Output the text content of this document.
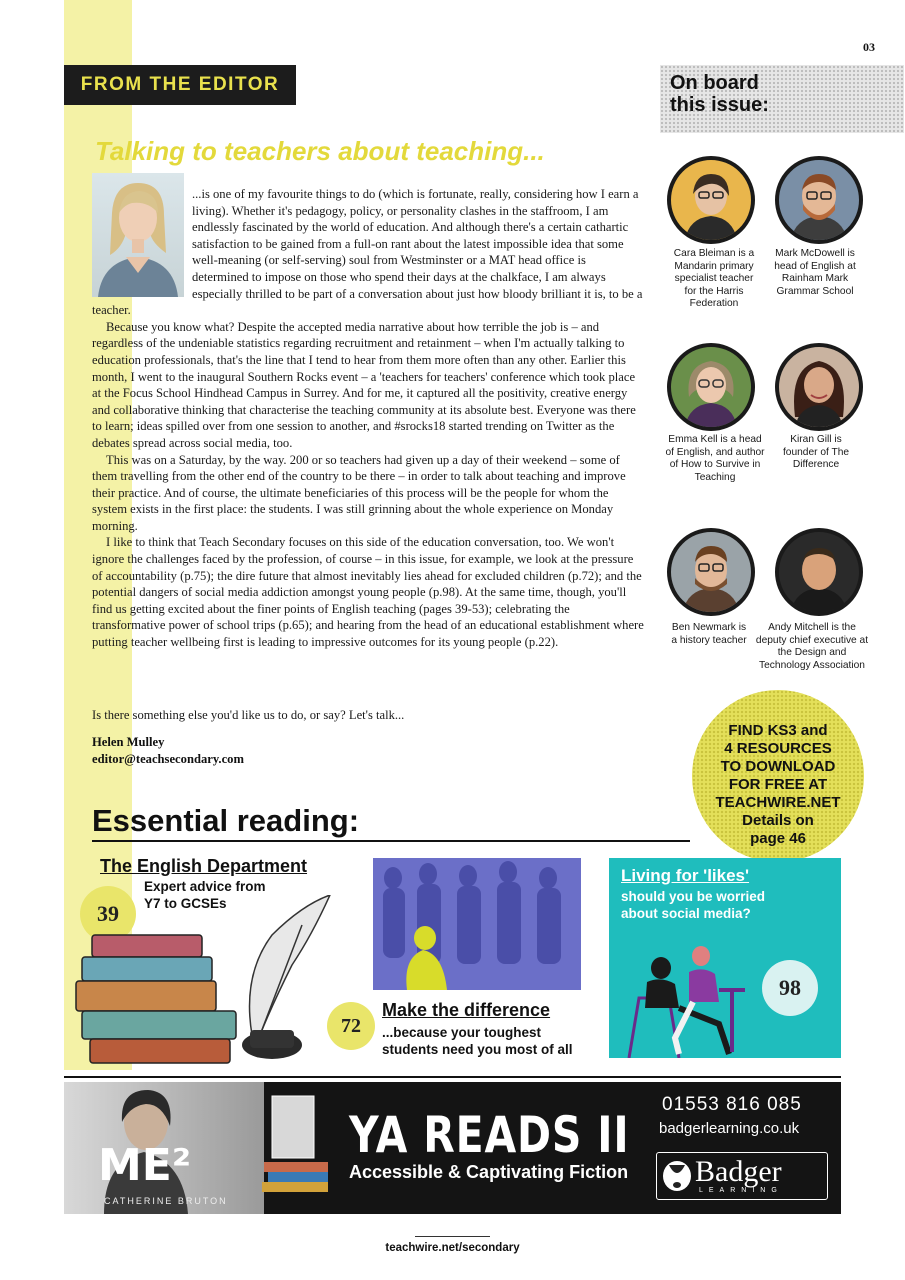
03
FROM THE EDITOR
Talking to teachers about teaching...

...is one of my favourite things to do (which is fortunate, really, considering how I earn a living). Whether it's pedagogy, policy, or personality clashes in the staffroom, I am endlessly fascinated by the world of education. And although there's a certain cathartic satisfaction to be gained from a full-on rant about the latest impossible idea that some well-meaning (or self-serving) soul from Westminster or a MAT head office is determined to impose on those who spend their days at the chalkface, I am always especially thrilled to be part of a conversation about just how bloody brilliant it is, to be a teacher.

Because you know what? Despite the accepted media narrative about how terrible the job is – and regardless of the undeniable statistics regarding recruitment and retainment – when I'm actually talking to education professionals, that's the line that I tend to hear from them more often than any other. Earlier this month, I went to the inaugural Southern Rocks event – a 'teachers for teachers' conference which took place at the Focus School Hindhead Campus in Surrey. And for me, it captured all the positivity, creative energy and collaborative thinking that characterise the teaching community at its absolute best. Everyone was there to learn; ideas spilled over from one session to another, and #srocks18 started trending on Twitter as the debates spread across social media, too.

This was on a Saturday, by the way. 200 or so teachers had given up a day of their weekend – some of them travelling from the other end of the country to be there – in order to talk about teaching and improve their practice. And of course, the ultimate beneficiaries of this process will be the people for whom the system exists in the first place: the students. I was still grinning about the whole experience on Monday morning.

I like to think that Teach Secondary focuses on this side of the education conversation, too. We won't ignore the challenges faced by the profession, of course – in this issue, for example, we look at the pressure of accountability (p.75); the dire future that almost inevitably lies ahead for excluded children (p.72); and the potential dangers of social media addiction amongst young people (p.98). At the same time, though, you'll find us getting excited about the finer points of English teaching (pages 39-53); celebrating the transformative power of school trips (p.65); and hearing from the head of an educational establishment where putting teacher wellbeing first is leading to impressive outcomes for its young people (p.22).

Is there something else you'd like us to do, or say? Let's talk...
Helen Mulley
editor@teachsecondary.com
On board
this issue:
Cara Bleiman is a Mandarin primary specialist teacher for the Harris Federation
Mark McDowell is head of English at Rainham Mark Grammar School
Emma Kell is a head of English, and author of How to Survive in Teaching
Kiran Gill is founder of The Difference
Ben Newmark is a history teacher
Andy Mitchell is the deputy chief executive at the Design and Technology Association
FIND KS3 and
4 RESOURCES
TO DOWNLOAD
FOR FREE AT
TEACHWIRE.NET
Details on
page 46
Essential reading:
The English Department
Expert advice from
Y7 to GCSEs
39
Make the difference
...because your toughest
students need you most of all
72
Living for 'likes'
should you be worried
about social media?
98
ME²
CATHERINE BRUTON
YA READS II
Accessible & Captivating Fiction
01553 816 085
badgerlearning.co.uk
Badger
LEARNING
teachwire.net/secondary
